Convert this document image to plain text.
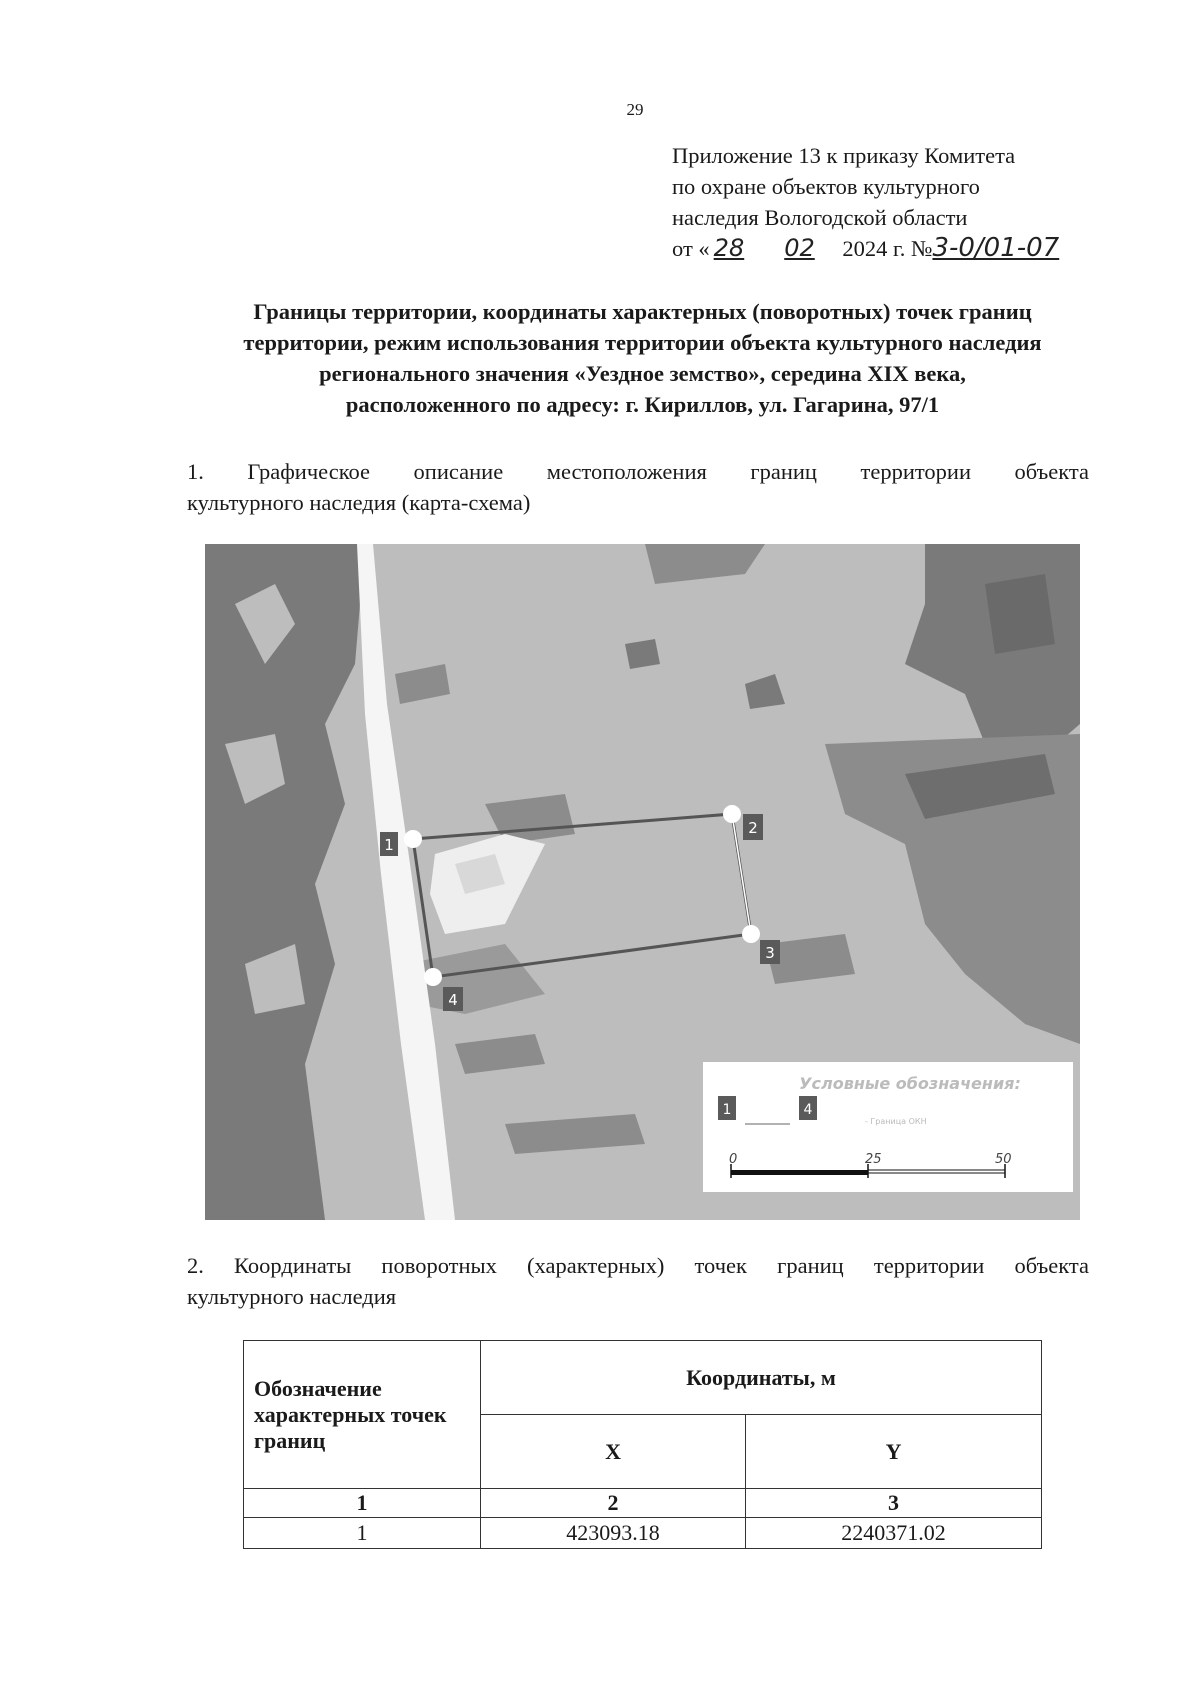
29
Приложение 13 к приказу Комитета
по охране объектов культурного
наследия Вологодской области
от « 28 02 2024 г. №3-0/01-07
Границы территории, координаты характерных (поворотных) точек границ
территории, режим использования территории объекта культурного наследия
регионального значения «Уездное земство», середина XIX века,
расположенного по адресу: г. Кириллов, ул. Гагарина, 97/1
1. Графическое описание местоположения границ территории объекта
культурного наследия (карта-схема)
1
2
3
4
Условные обозначения:
1	4
- Граница ОКН
0	25	50
2. Координаты поворотных (характерных) точек границ территории объекта
культурного наследия
Обозначение характерных точек границ	Координаты, м	
	X	Y
1	2	3
1	423093.18	2240371.02
